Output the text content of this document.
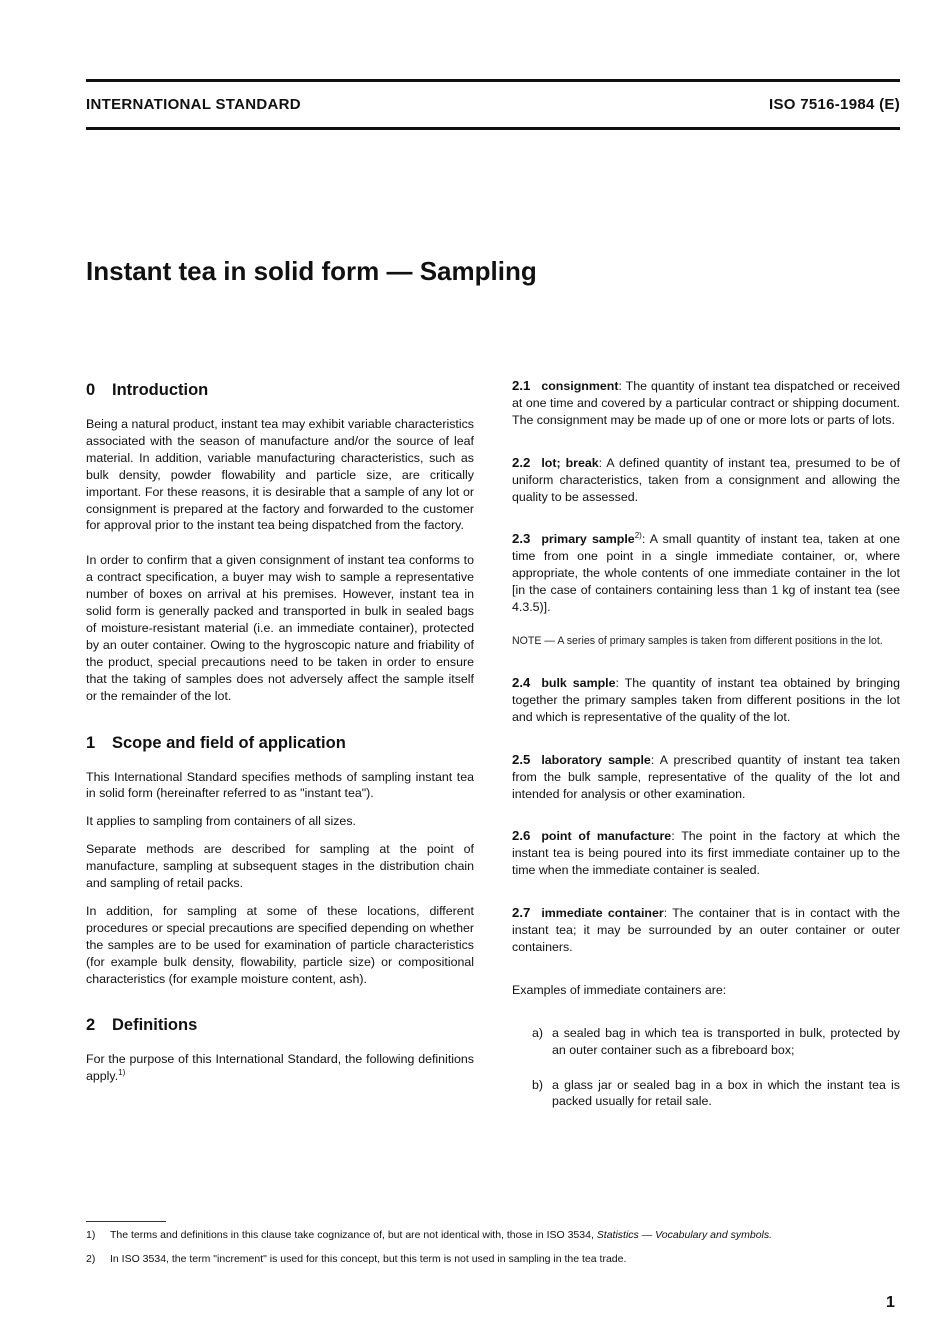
INTERNATIONAL STANDARD	ISO 7516-1984 (E)
Instant tea in solid form — Sampling
0 Introduction

Being a natural product, instant tea may exhibit variable characteristics associated with the season of manufacture and/or the source of leaf material. In addition, variable manufacturing characteristics, such as bulk density, powder flowability and particle size, are critically important. For these reasons, it is desirable that a sample of any lot or consignment is prepared at the factory and forwarded to the customer for approval prior to the instant tea being dispatched from the factory.

In order to confirm that a given consignment of instant tea conforms to a contract specification, a buyer may wish to sample a representative number of boxes on arrival at his premises. However, instant tea in solid form is generally packed and transported in bulk in sealed bags of moisture-resistant material (i.e. an immediate container), protected by an outer container. Owing to the hygroscopic nature and friability of the product, special precautions need to be taken in order to ensure that the taking of samples does not adversely affect the sample itself or the remainder of the lot.

1 Scope and field of application

This International Standard specifies methods of sampling instant tea in solid form (hereinafter referred to as "instant tea").

It applies to sampling from containers of all sizes.

Separate methods are described for sampling at the point of manufacture, sampling at subsequent stages in the distribution chain and sampling of retail packs.

In addition, for sampling at some of these locations, different procedures or special precautions are specified depending on whether the samples are to be used for examination of particle characteristics (for example bulk density, flowability, particle size) or compositional characteristics (for example moisture content, ash).

2 Definitions

For the purpose of this International Standard, the following definitions apply.$^{1)}$

2.1 consignment: The quantity of instant tea dispatched or received at one time and covered by a particular contract or shipping document. The consignment may be made up of one or more lots or parts of lots.

2.2 lot; break: A defined quantity of instant tea, presumed to be of uniform characteristics, taken from a consignment and allowing the quality to be assessed.

2.3 primary sample$^{2)}$: A small quantity of instant tea, taken at one time from one point in a single immediate container, or, where appropriate, the whole contents of one immediate container in the lot [in the case of containers containing less than 1 kg of instant tea (see 4.3.5)].

NOTE — A series of primary samples is taken from different positions in the lot.

2.4 bulk sample: The quantity of instant tea obtained by bringing together the primary samples taken from different positions in the lot and which is representative of the quality of the lot.

2.5 laboratory sample: A prescribed quantity of instant tea taken from the bulk sample, representative of the quality of the lot and intended for analysis or other examination.

2.6 point of manufacture: The point in the factory at which the instant tea is being poured into its first immediate container up to the time when the immediate container is sealed.

2.7 immediate container: The container that is in contact with the instant tea; it may be surrounded by an outer container or outer containers.

Examples of immediate containers are:

a) a sealed bag in which tea is transported in bulk, protected by an outer container such as a fibreboard box;

b) a glass jar or sealed bag in a box in which the instant tea is packed usually for retail sale.

1) The terms and definitions in this clause take cognizance of, but are not identical with, those in ISO 3534, Statistics — Vocabulary and symbols.
2) In ISO 3534, the term "increment" is used for this concept, but this term is not used in sampling in the tea trade.
1
